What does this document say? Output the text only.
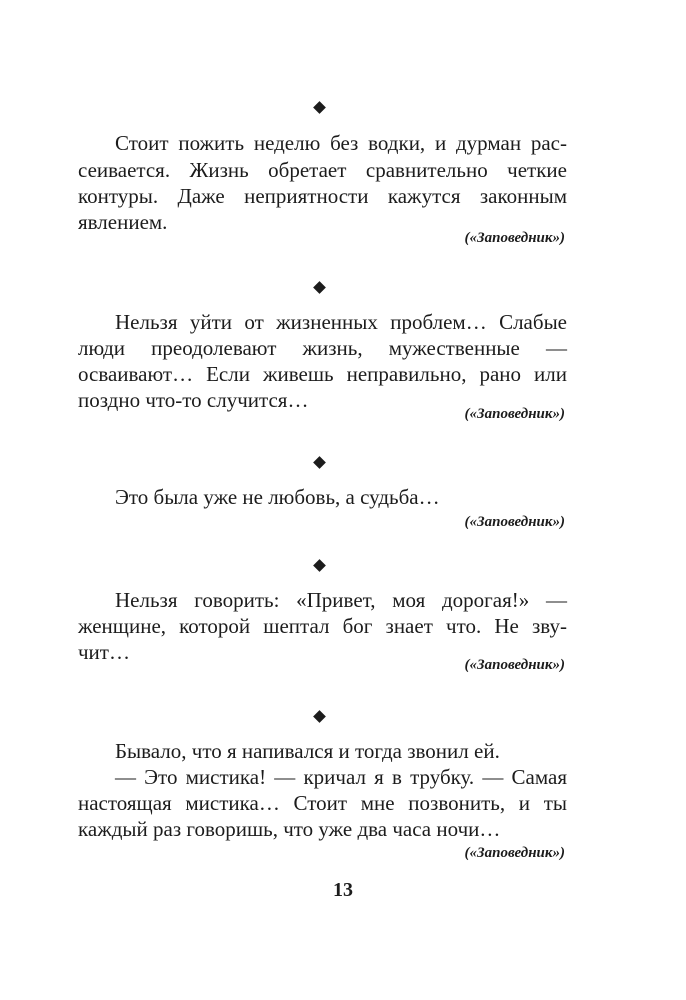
Стоит пожить неделю без водки, и дурман рас-

сеивается. Жизнь обретает сравнительно четкие

контуры. Даже неприятности кажутся законным

явлением.

(«Заповедник»)

Нельзя уйти от жизненных проблем… Слабые

люди преодолевают жизнь, мужественные —

осваивают… Если живешь неправильно, рано или

поздно что-то случится…

(«Заповедник»)

Это была уже не любовь, а судьба…

(«Заповедник»)

Нельзя говорить: «Привет, моя дорогая!» —

женщине, которой шептал бог знает что. Не зву-

чит…

(«Заповедник»)

Бывало, что я напивался и тогда звонил ей.

— Это мистика! — кричал я в трубку. — Самая

настоящая мистика… Стоит мне позвонить, и ты

каждый раз говоришь, что уже два часа ночи…

(«Заповедник»)
13
